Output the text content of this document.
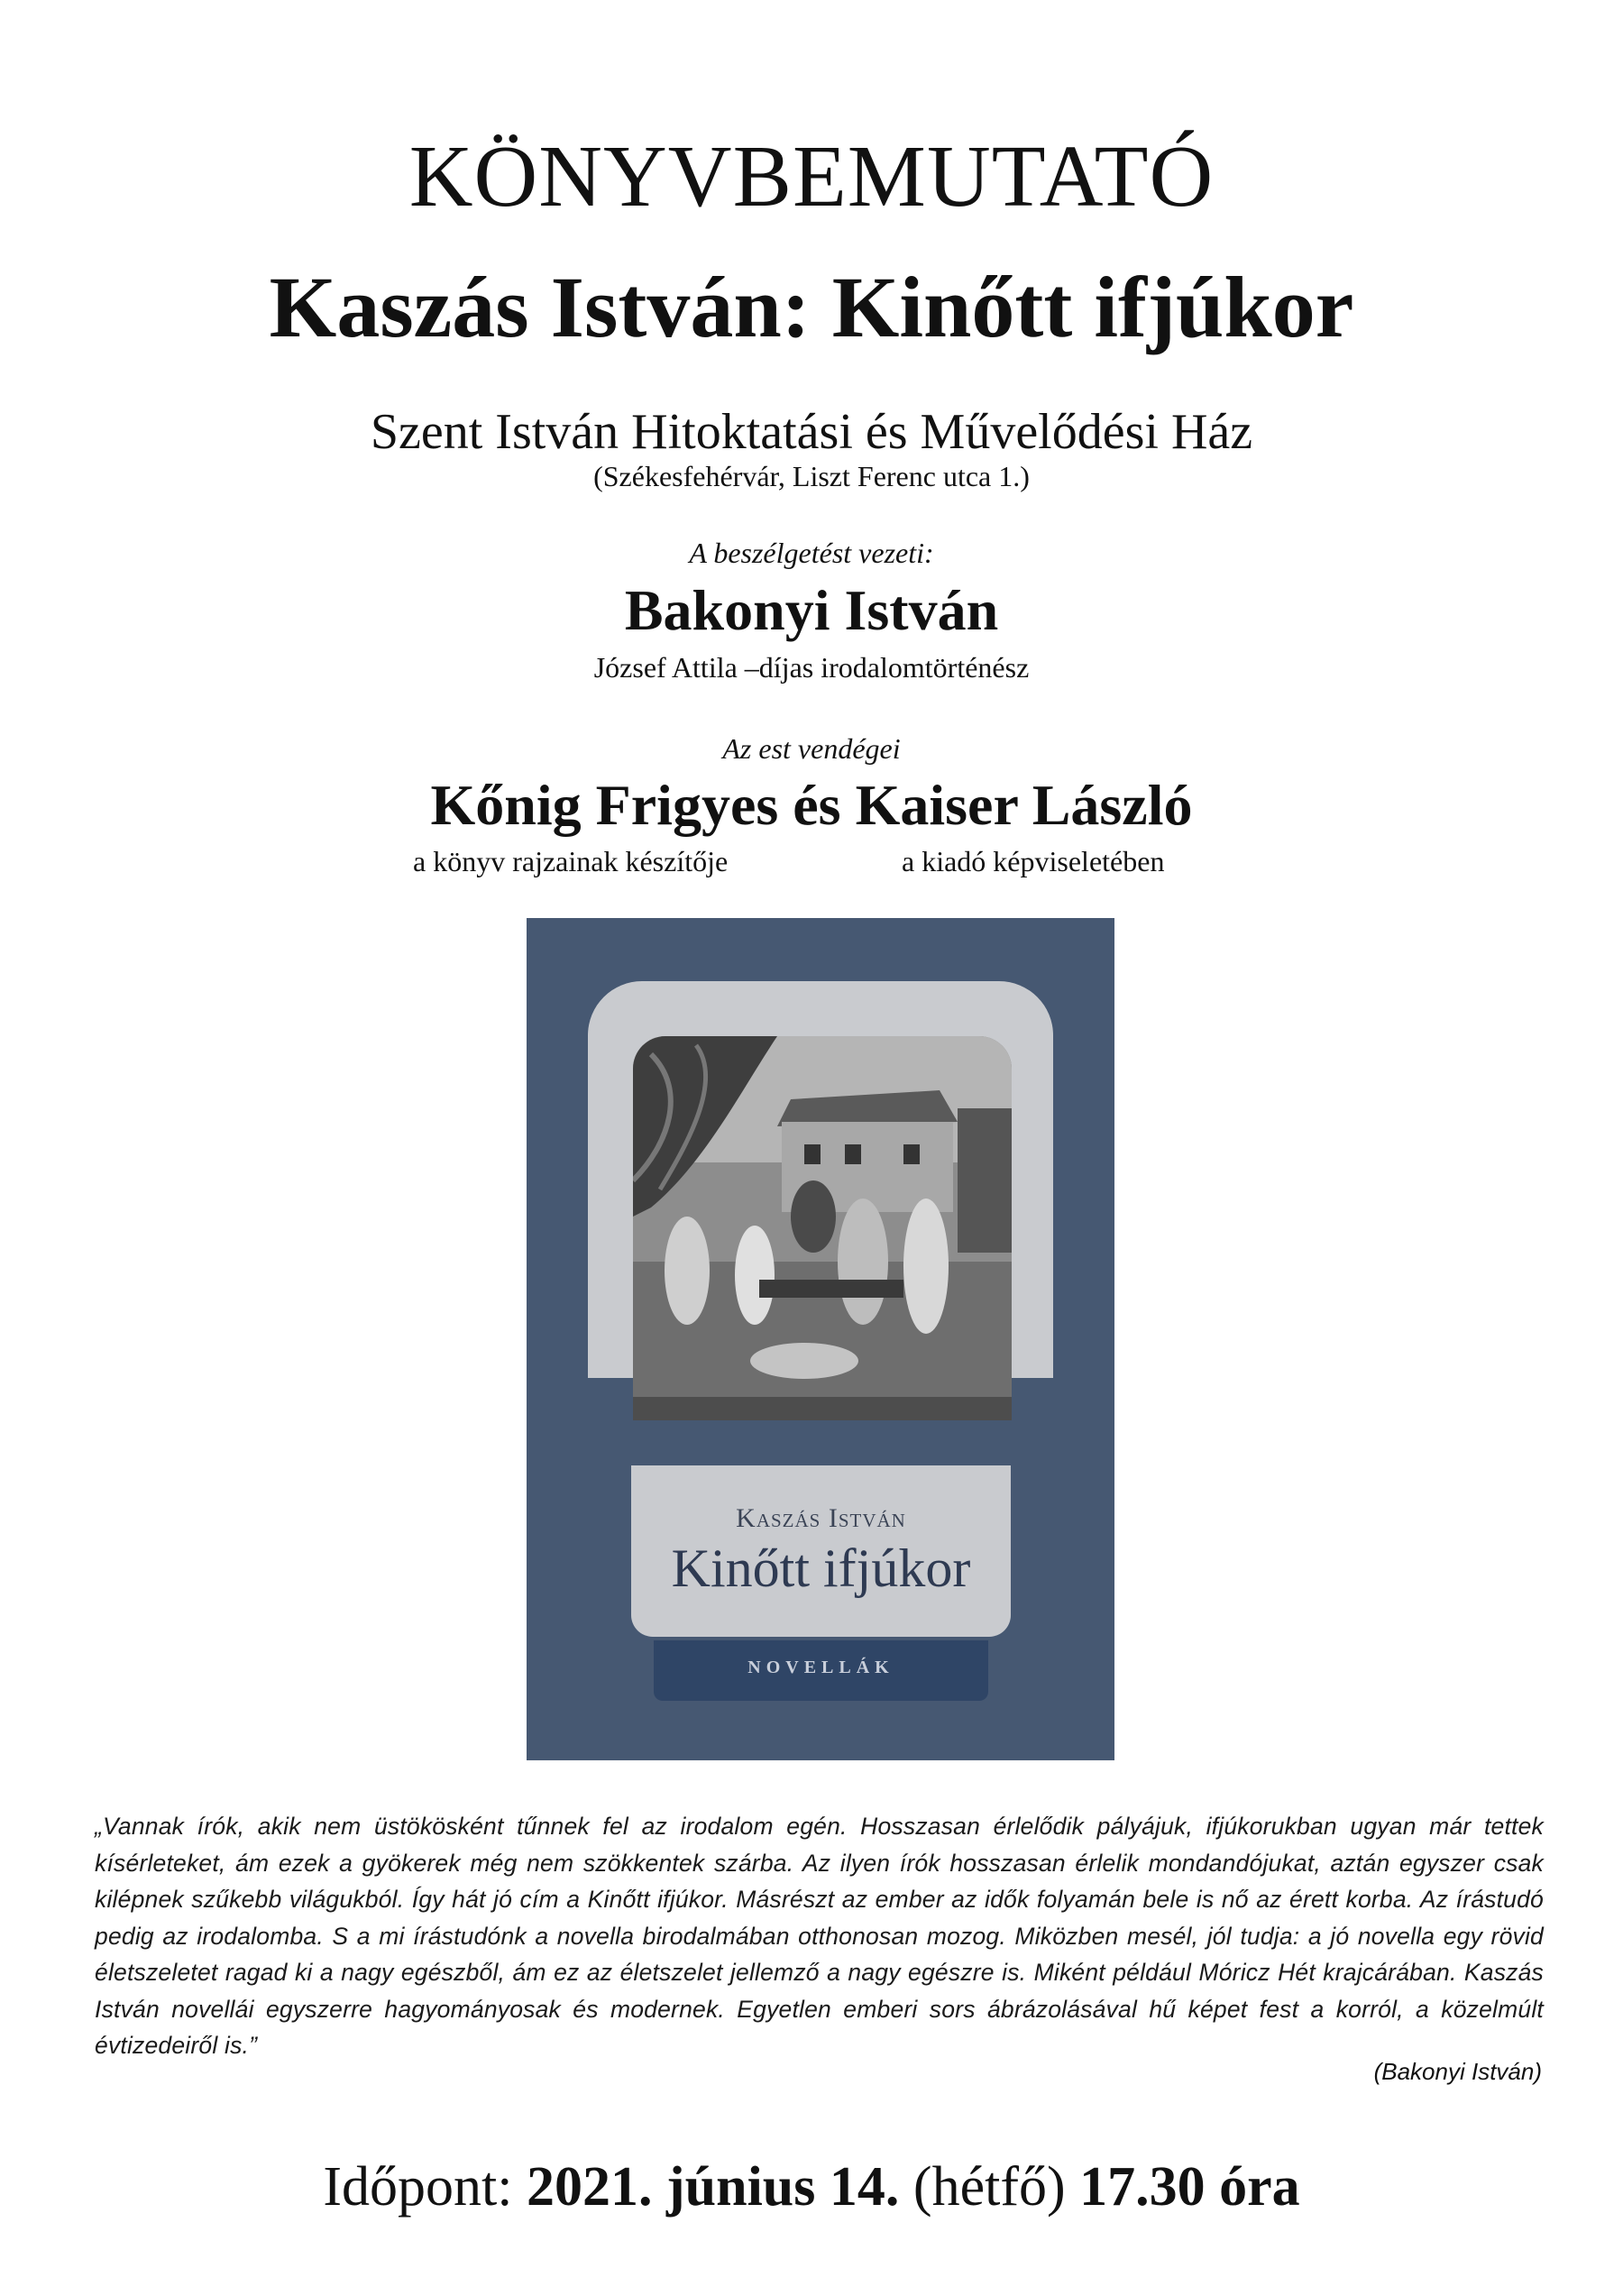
KÖNYVBEMUTATÓ
Kaszás István: Kinőtt ifjúkor
Szent István Hitoktatási és Művelődési Ház
(Székesfehérvár, Liszt Ferenc utca 1.)
A beszélgetést vezeti:
Bakonyi István
József Attila –díjas irodalomtörténész
Az est vendégei
Kőnig Frigyes és Kaiser László
a könyv rajzainak készítője	a kiadó képviseletében
Kaszás István
Kinőtt ifjúkor
NOVELLÁK
„Vannak írók, akik nem üstökösként tűnnek fel az irodalom egén. Hosszasan érlelődik pályájuk, ifjúkorukban ugyan már tettek kísérleteket, ám ezek a gyökerek még nem szökkentek szárba. Az ilyen írók hosszasan érlelik mondandójukat, aztán egyszer csak kilépnek szűkebb világukból. Így hát jó cím a Kinőtt ifjúkor. Másrészt az ember az idők folyamán bele is nő az érett korba. Az írástudó pedig az irodalomba. S a mi írástudónk a novella birodalmában otthonosan mozog. Miközben mesél, jól tudja: a jó novella egy rövid életszeletet ragad ki a nagy egészből, ám ez az életszelet jellemző a nagy egészre is. Miként például Móricz Hét krajcárában. Kaszás István novellái egyszerre hagyományosak és modernek. Egyetlen emberi sors ábrázolásával hű képet fest a korról, a közelmúlt évtizedeiről is.”
(Bakonyi István)
Időpont: 2021. június 14. (hétfő) 17.30 óra
